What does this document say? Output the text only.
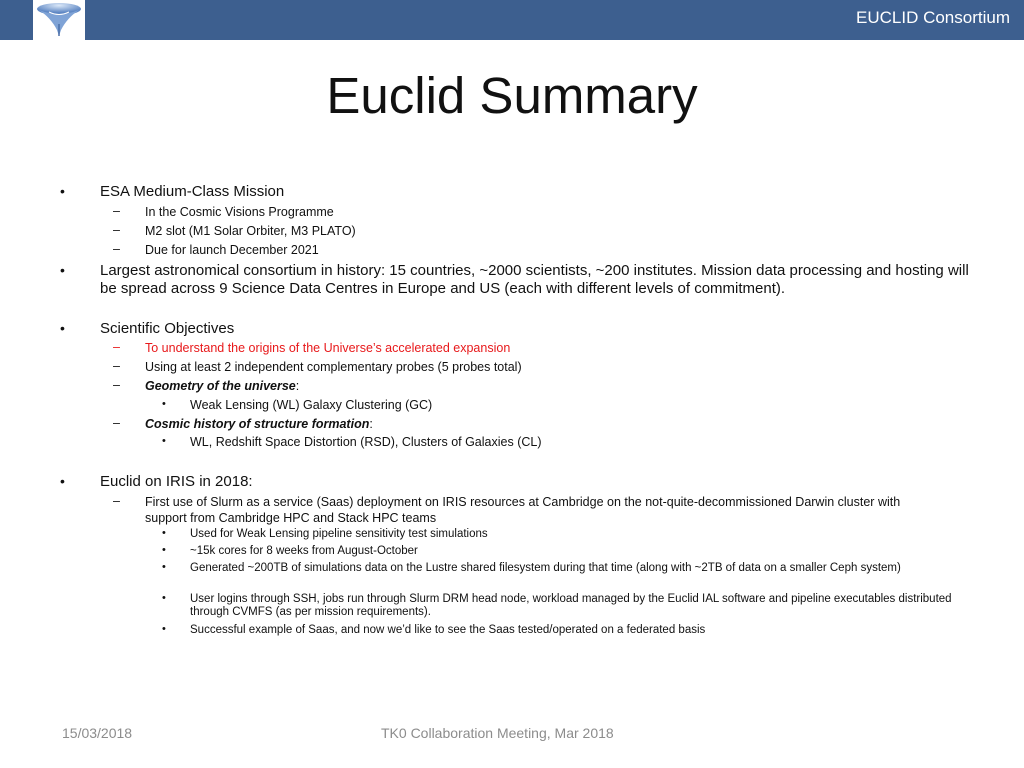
EUCLID Consortium
Euclid Summary
• ESA Medium-Class Mission
– In the Cosmic Visions Programme
– M2 slot (M1 Solar Orbiter, M3 PLATO)
– Due for launch December 2021
• Largest astronomical consortium in history: 15 countries, ~2000 scientists, ~200 institutes. Mission data processing and hosting will be spread across 9 Science Data Centres in Europe and US (each with different levels of commitment).
• Scientific Objectives
– To understand the origins of the Universe’s accelerated expansion
– Using at least 2 independent complementary probes (5 probes total)
– Geometry of the universe:
• Weak Lensing (WL) Galaxy Clustering (GC)
– Cosmic history of structure formation:
• WL, Redshift Space Distortion (RSD), Clusters of Galaxies (CL)
• Euclid on IRIS in 2018:
– First use of Slurm as a service (Saas) deployment on IRIS resources at Cambridge on the not-quite-decommissioned Darwin cluster with support from Cambridge HPC and Stack HPC teams
• Used for Weak Lensing pipeline sensitivity test simulations
• ~15k cores for 8 weeks from August-October
• Generated ~200TB of simulations data on the Lustre shared filesystem during that time (along with ~2TB of data on a smaller Ceph system)
• User logins through SSH, jobs run through Slurm DRM head node, workload managed by the Euclid IAL software and pipeline executables distributed through CVMFS (as per mission requirements).
• Successful example of Saas, and now we’d like to see the Saas tested/operated on a federated basis
15/03/2018	TK0 Collaboration Meeting, Mar 2018
